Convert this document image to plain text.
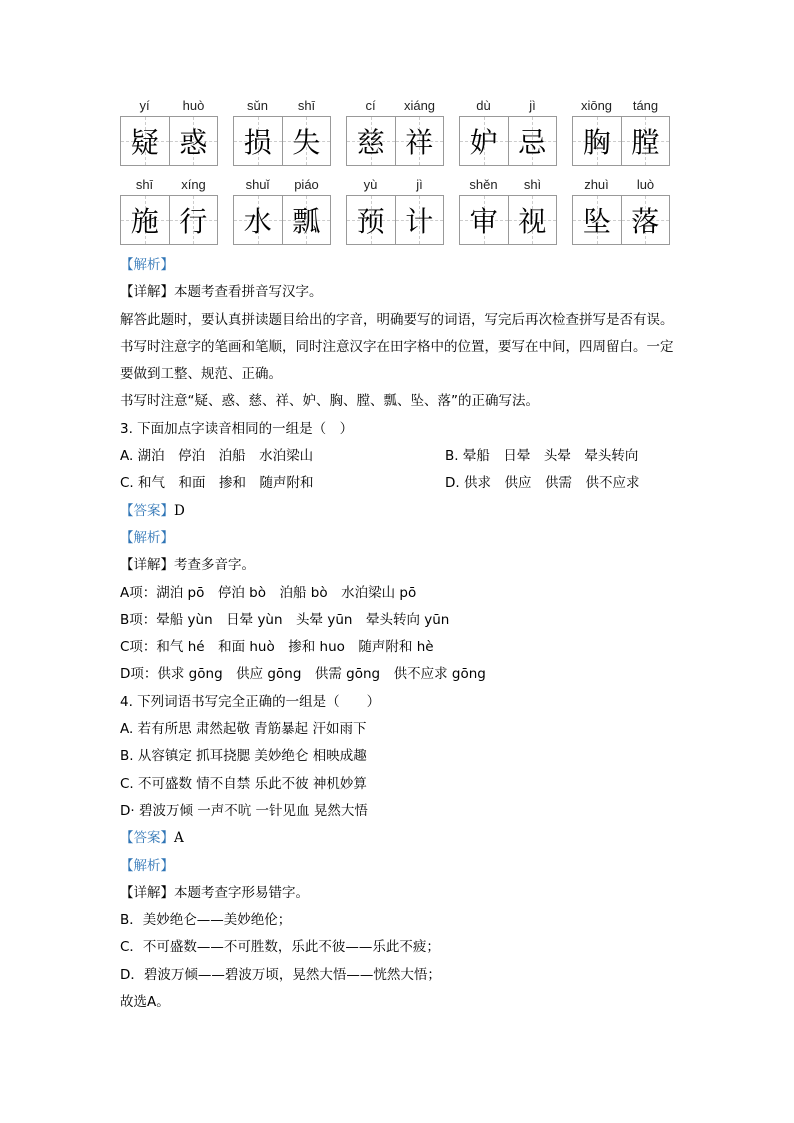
yí	huò
疑 惑
sǔn	shī
损 失
cí	xiáng
慈 祥
dù	jì
妒 忌
xiōng	táng
胸 膛
shī	xíng
施 行
shuǐ	piáo
水 瓢
yù	jì
预 计
shěn	shì
审 视
zhuì	luò
坠 落
【解析】
【详解】本题考查看拼音写汉字。
解答此题时，要认真拼读题目给出的字音，明确要写的词语，写完后再次检查拼写是否有误。书写时注意字的笔画和笔顺，同时注意汉字在田字格中的位置，要写在中间，四周留白。一定要做到工整、规范、正确。
书写时注意“疑、惑、慈、祥、妒、胸、膛、瓢、坠、落”的正确写法。
3. 下面加点字读音相同的一组是（　）
A. 湖泊　停泊　泊船　水泊梁山	B. 晕船　日晕　头晕　晕头转向
C. 和气　和面　掺和　随声附和	D. 供求　供应　供需　供不应求
【答案】D
【解析】
【详解】考查多音字。
A项：湖泊 pō　停泊 bò　泊船 bò　水泊梁山 pō
B项：晕船 yùn　日晕 yùn　头晕 yūn　晕头转向 yūn
C项：和气 hé　和面 huò　掺和 huo　随声附和 hè
D项：供求 gōng　供应 gōng　供需 gōng　供不应求 gōng
4. 下列词语书写完全正确的一组是（　　）
A. 若有所思 肃然起敬 青筋暴起 汗如雨下
B. 从容镇定 抓耳挠腮 美妙绝仑 相映成趣
C. 不可盛数 情不自禁 乐此不彼 神机妙算
D· 碧波万倾 一声不吭 一针见血 晃然大悟
【答案】A
【解析】
【详解】本题考查字形易错字。
B．美妙绝仑——美妙绝伦；
C．不可盛数——不可胜数，乐此不彼——乐此不疲；
D．碧波万倾——碧波万顷，晃然大悟——恍然大悟；
故选A。
